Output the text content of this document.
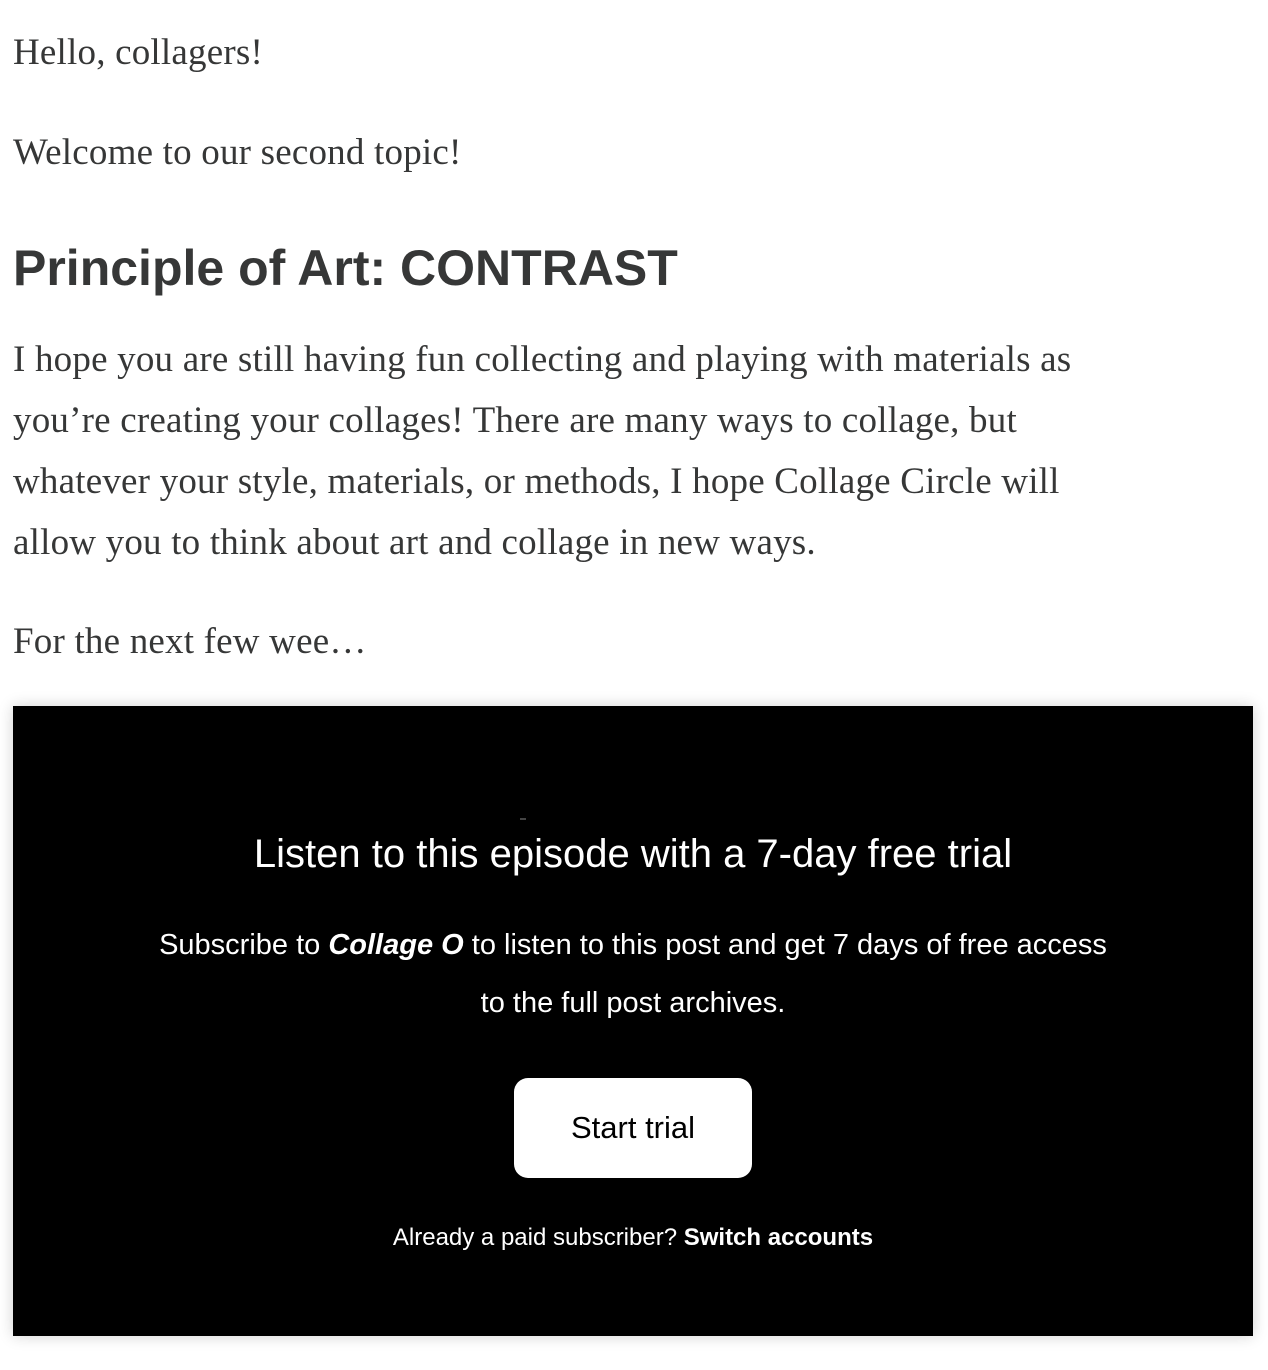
Hello, collagers!

Welcome to our second topic!

Principle of Art: CONTRAST

I hope you are still having fun collecting and playing with materials as
you’re creating your collages! There are many ways to collage, but
whatever your style, materials, or methods, I hope Collage Circle will
allow you to think about art and collage in new ways.

For the next few wee…

Listen to this episode with a 7-day free trial
Subscribe to Collage O to listen to this post and get 7 days of free access
to the full post archives.
Start trial
Already a paid subscriber? Switch accounts
